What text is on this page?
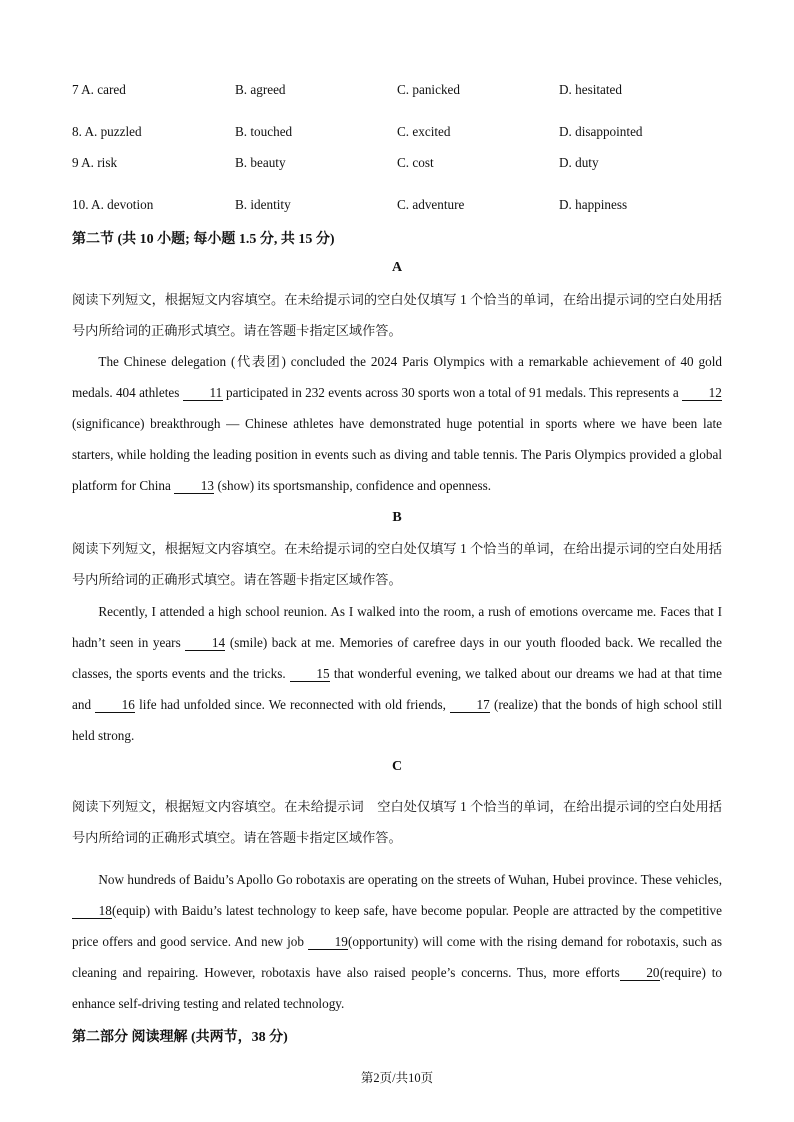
7 A. cared	B. agreed	C. panicked	D. hesitated
8. A. puzzled	B. touched	C. excited	D. disappointed
9 A. risk	B. beauty	C. cost	D. duty
10. A. devotion	B. identity	C. adventure	D. happiness
第二节 (共 10 小题; 每小题 1.5 分, 共 15 分)
A
阅读下列短文，根据短文内容填空。在未给提示词的空白处仅填写 1 个恰当的单词，在给出提示词的空白处用括号内所给词的正确形式填空。请在答题卡指定区域作答。
The Chinese delegation (代表团) concluded the 2024 Paris Olympics with a remarkable achievement of 40 gold medals. 404 athletes 11 participated in 232 events across 30 sports won a total of 91 medals. This represents a 12 (significance) breakthrough — Chinese athletes have demonstrated huge potential in sports where we have been late starters, while holding the leading position in events such as diving and table tennis. The Paris Olympics provided a global platform for China 13 (show) its sportsmanship, confidence and openness.
B
阅读下列短文，根据短文内容填空。在未给提示词的空白处仅填写 1 个恰当的单词，在给出提示词的空白处用括号内所给词的正确形式填空。请在答题卡指定区域作答。
Recently, I attended a high school reunion. As I walked into the room, a rush of emotions overcame me. Faces that I hadn’t seen in years 14 (smile) back at me. Memories of carefree days in our youth flooded back. We recalled the classes, the sports events and the tricks. 15 that wonderful evening, we talked about our dreams we had at that time and 16 life had unfolded since. We reconnected with old friends, 17 (realize) that the bonds of high school still held strong.
C
阅读下列短文，根据短文内容填空。在未给提示词    空白处仅填写 1 个恰当的单词，在给出提示词的空白处用括号内所给词的正确形式填空。请在答题卡指定区域作答。
Now hundreds of Baidu’s Apollo Go robotaxis are operating on the streets of Wuhan, Hubei province. These vehicles, 18(equip) with Baidu’s latest technology to keep safe, have become popular. People are attracted by the competitive price offers and good service. And new job 19(opportunity) will come with the rising demand for robotaxis, such as cleaning and repairing. However, robotaxis have also raised people’s concerns. Thus, more efforts 20(require) to enhance self-driving testing and related technology.
第二部分 阅读理解 (共两节，38 分)
第2页/共10页
